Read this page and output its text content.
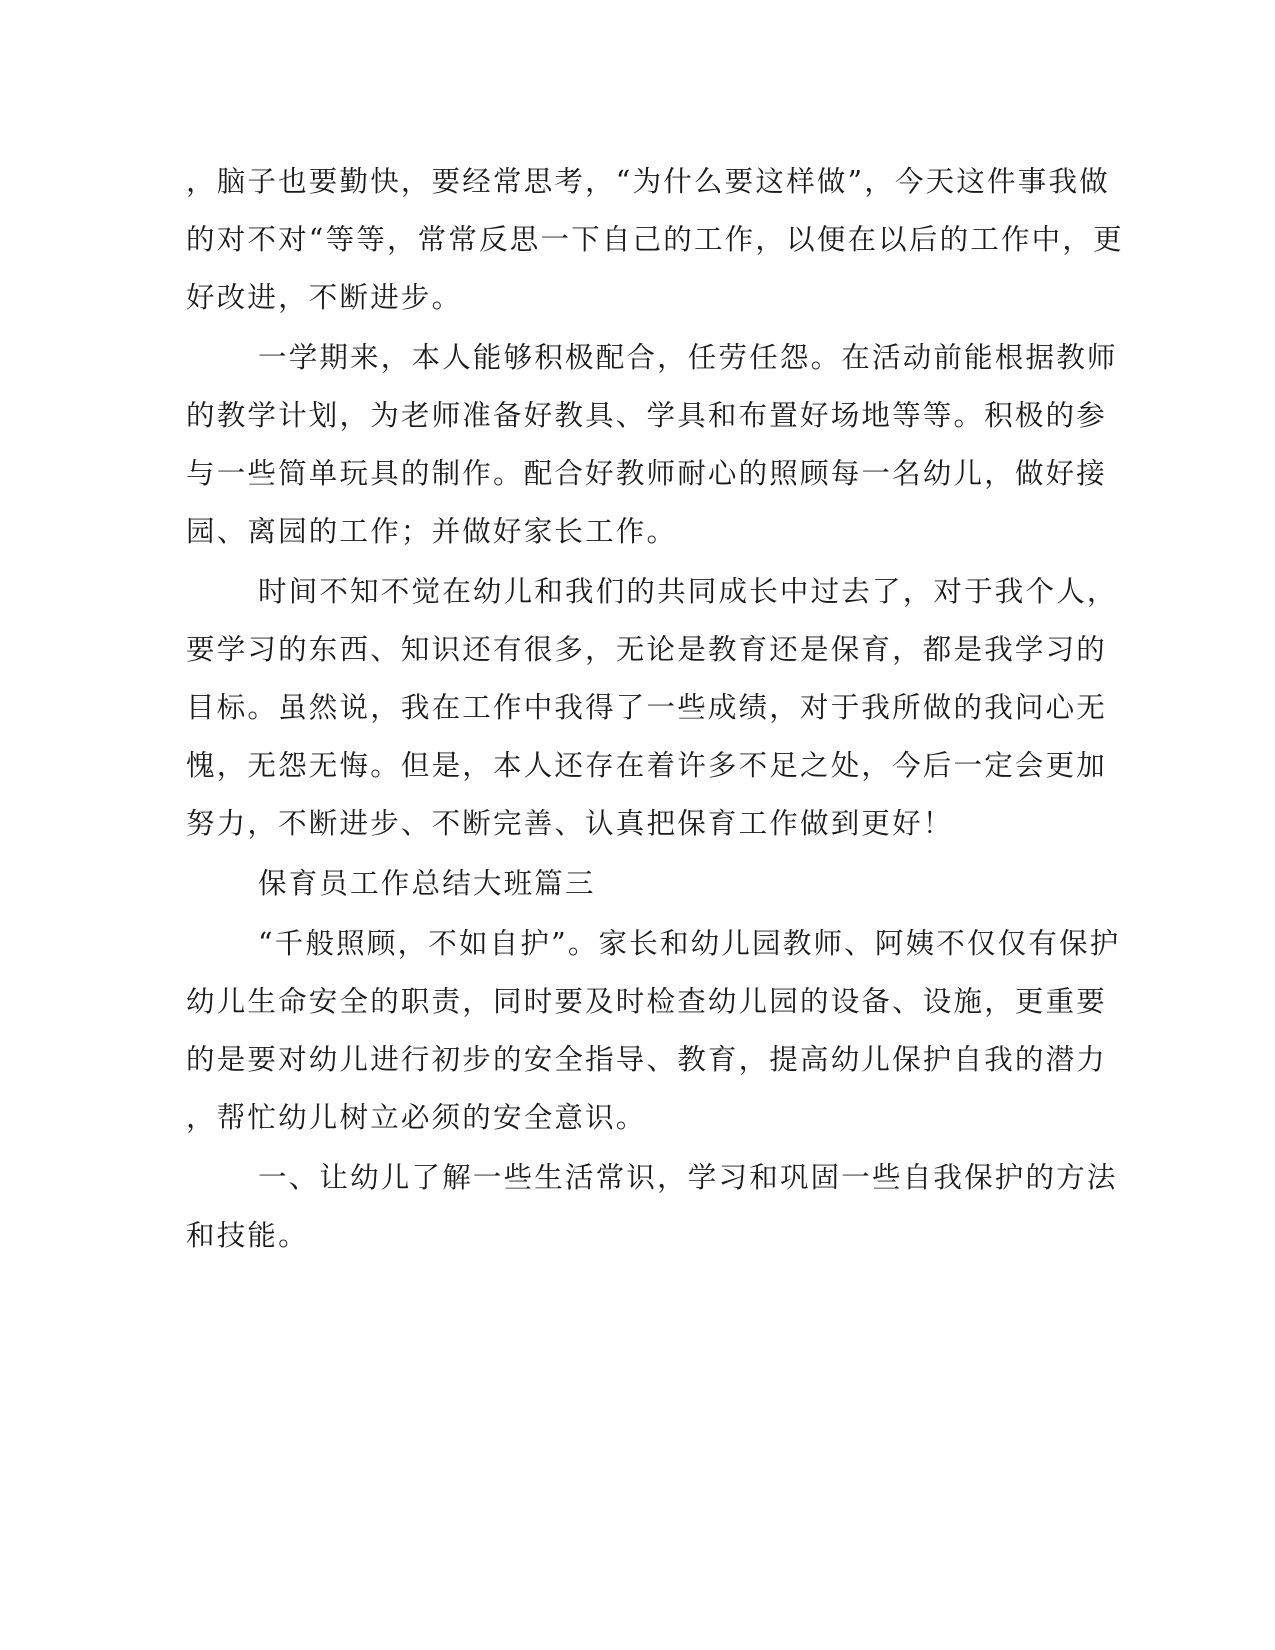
，脑子也要勤快，要经常思考，“为什么要这样做”，今天这件事我做

的对不对“等等，常常反思一下自己的工作，以便在以后的工作中，更

好改进，不断进步。

一学期来，本人能够积极配合，任劳任怨。在活动前能根据教师

的教学计划，为老师准备好教具、学具和布置好场地等等。积极的参

与一些简单玩具的制作。配合好教师耐心的照顾每一名幼儿，做好接

园、离园的工作；并做好家长工作。

时间不知不觉在幼儿和我们的共同成长中过去了，对于我个人，

要学习的东西、知识还有很多，无论是教育还是保育，都是我学习的

目标。虽然说，我在工作中我得了一些成绩，对于我所做的我问心无

愧，无怨无悔。但是，本人还存在着许多不足之处，今后一定会更加

努力，不断进步、不断完善、认真把保育工作做到更好！

保育员工作总结大班篇三

“千般照顾，不如自护”。家长和幼儿园教师、阿姨不仅仅有保护

幼儿生命安全的职责，同时要及时检查幼儿园的设备、设施，更重要

的是要对幼儿进行初步的安全指导、教育，提高幼儿保护自我的潜力

，帮忙幼儿树立必须的安全意识。

一、让幼儿了解一些生活常识，学习和巩固一些自我保护的方法

和技能。
